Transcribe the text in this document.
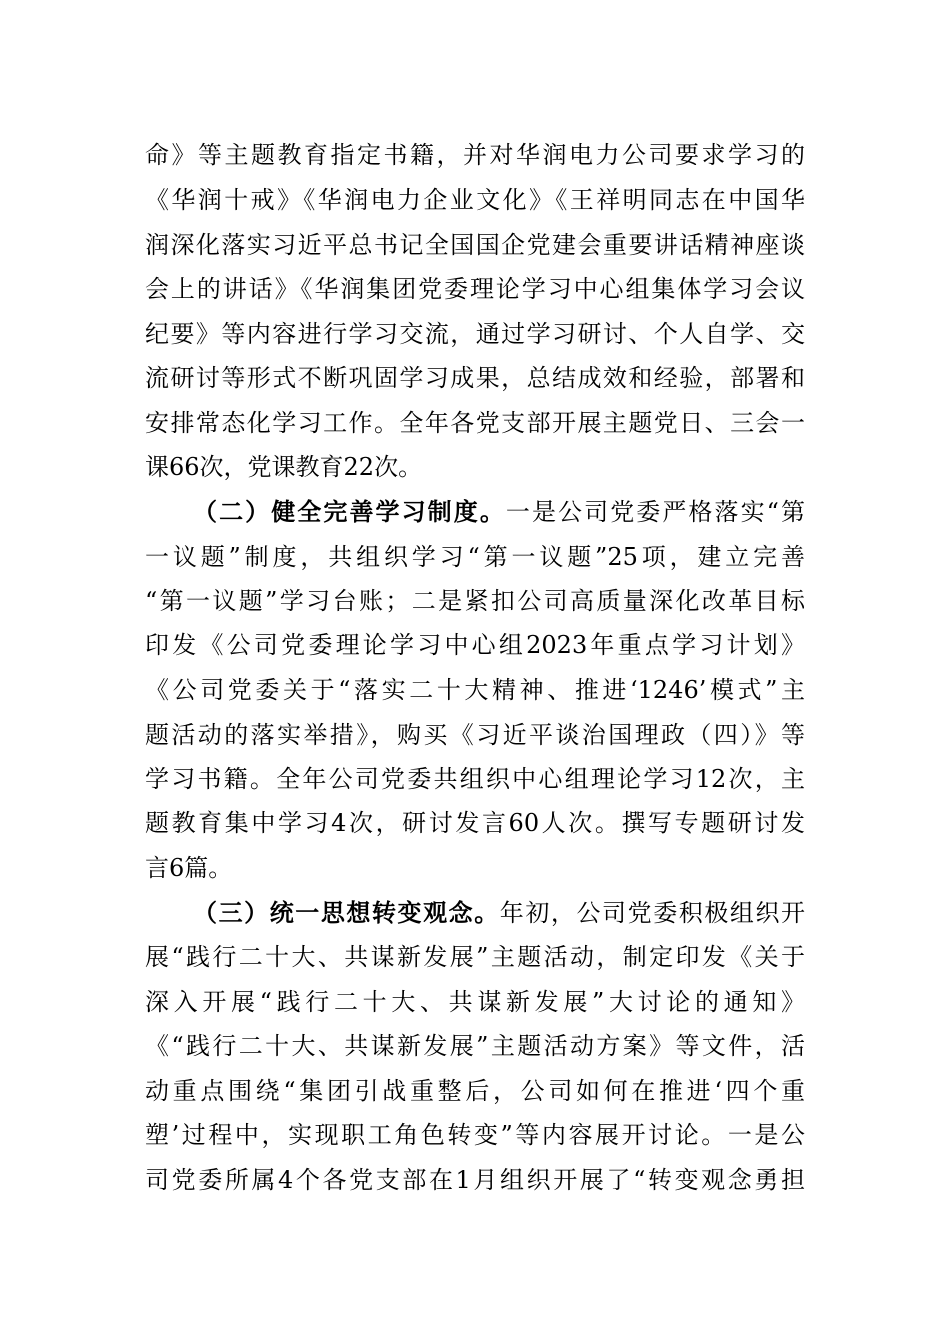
命》等主题教育指定书籍，并对华润电力公司要求学习的
《华润十戒》《华润电力企业文化》《王祥明同志在中国华
润深化落实习近平总书记全国国企党建会重要讲话精神座谈
会上的讲话》《华润集团党委理论学习中心组集体学习会议
纪要》等内容进行学习交流，通过学习研讨、个人自学、交
流研讨等形式不断巩固学习成果，总结成效和经验，部署和
安排常态化学习工作。全年各党支部开展主题党日、三会一
课66次，党课教育22次。
（二）健全完善学习制度。一是公司党委严格落实“第
一议题”制度，共组织学习“第一议题”25项，建立完善
“第一议题”学习台账；二是紧扣公司高质量深化改革目标
印发《公司党委理论学习中心组2023年重点学习计划》
《公司党委关于“落实二十大精神、推进‘1246’模式”主
题活动的落实举措》，购买《习近平谈治国理政（四）》等
学习书籍。全年公司党委共组织中心组理论学习12次，主
题教育集中学习4次，研讨发言60人次。撰写专题研讨发
言6篇。
（三）统一思想转变观念。年初，公司党委积极组织开
展“践行二十大、共谋新发展”主题活动，制定印发《关于
深入开展“践行二十大、共谋新发展”大讨论的通知》
《“践行二十大、共谋新发展”主题活动方案》等文件，活
动重点围绕“集团引战重整后，公司如何在推进‘四个重
塑’过程中，实现职工角色转变”等内容展开讨论。一是公
司党委所属4个各党支部在1月组织开展了“转变观念勇担
